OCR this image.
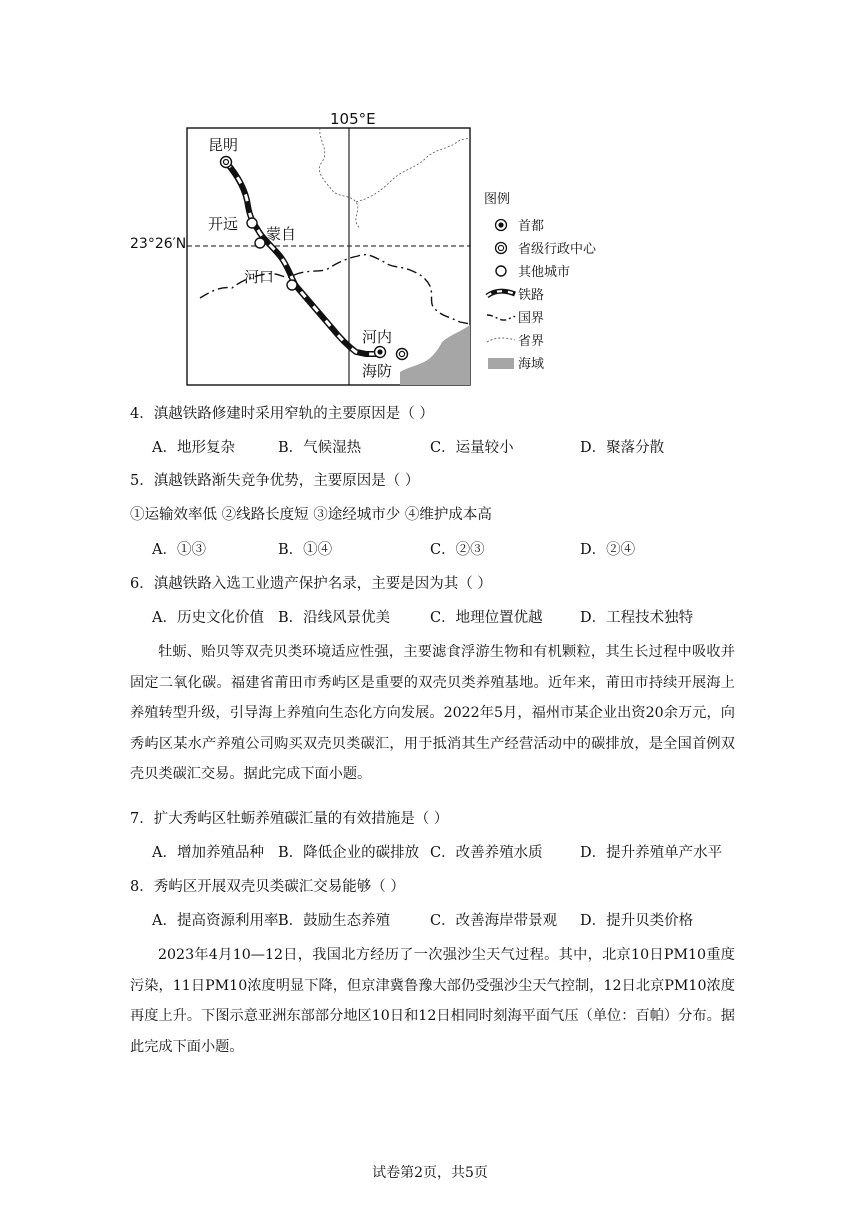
105°E
昆明
开远
蒙自
河口
河内
海防
23°26′N
图例
首都
省级行政中心
其他城市
铁路
国界
省界
海域
4．滇越铁路修建时采用窄轨的主要原因是（ ）
A．地形复杂	B．气候湿热	C．运量较小	D．聚落分散
5．滇越铁路渐失竞争优势，主要原因是（ ）
①运输效率低 ②线路长度短 ③途经城市少 ④维护成本高
A．①③	B．①④	C．②③	D．②④
6．滇越铁路入选工业遗产保护名录，主要是因为其（ ）
A．历史文化价值 B．沿线风景优美	C．地理位置优越	D．工程技术独特
牡蛎、贻贝等双壳贝类环境适应性强，主要滤食浮游生物和有机颗粒，其生长过程中吸收并固定二氧化碳。福建省莆田市秀屿区是重要的双壳贝类养殖基地。近年来，莆田市持续开展海上养殖转型升级，引导海上养殖向生态化方向发展。2022年5月，福州市某企业出资20余万元，向秀屿区某水产养殖公司购买双壳贝类碳汇，用于抵消其生产经营活动中的碳排放，是全国首例双壳贝类碳汇交易。据此完成下面小题。
7．扩大秀屿区牡蛎养殖碳汇量的有效措施是（ ）
A．增加养殖品种 B．降低企业的碳排放 C．改善养殖水质	D．提升养殖单产水平
8．秀屿区开展双壳贝类碳汇交易能够（ ）
A．提高资源利用率 B．鼓励生态养殖	C．改善海岸带景观 D．提升贝类价格
2023年4月10—12日，我国北方经历了一次强沙尘天气过程。其中，北京10日PM10重度污染，11日PM10浓度明显下降，但京津冀鲁豫大部仍受强沙尘天气控制，12日北京PM10浓度再度上升。下图示意亚洲东部部分地区10日和12日相同时刻海平面气压（单位：百帕）分布。据此完成下面小题。
试卷第2页，共5页
